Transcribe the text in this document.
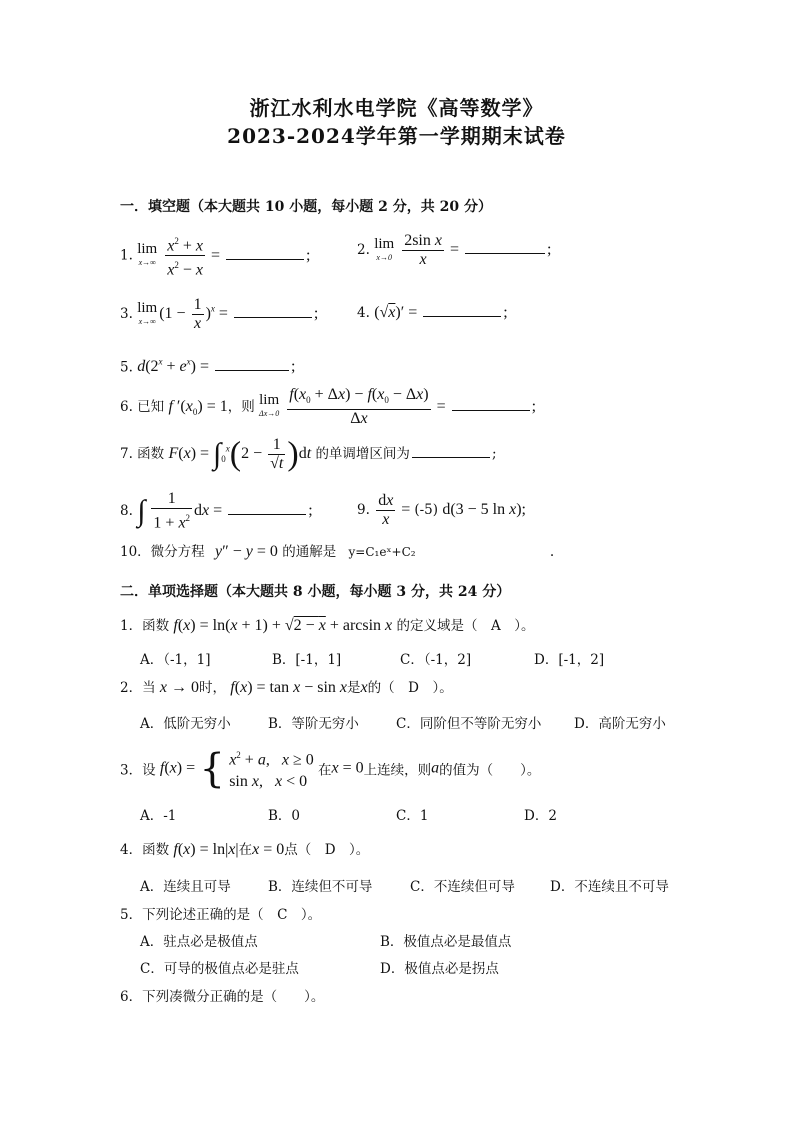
浙江水利水电学院《高等数学》
2023-2024学年第一学期期末试卷
一．填空题（本大题共 10 小题，每小题 2 分，共 20 分）
1. lim
x→∞
$\frac{x^2 + x}{x^2 - x}$ =	;	2. lim
x→0
$\frac{\text{2sin x}}{x}$ =	;
3. lim
x→∞ $(1 - \frac{1}{x} )^x$ =	;	4. (√x)′ =	;
5. $d(2^x + e^x)$ =	;
6. 已知 f $'(x_0) = 1$，则 lim
Δx→0
$\frac{f(x_0 + \Delta x) - f(x_0 - \Delta x)}{\Delta x}$ =	;
7. 函数 $F(x) = \int_0^x(2 - \frac{1}{√t} )dt$ 的单调增区间为	;
8. ∫ $\frac{1}{1 + x^2}$ dx =	;	9. $\frac{dx}{x} = (-5) d(3 - 5$ ln x);
10．微分方程 y″ − y = 0 的通解是 y=C₁eˣ+C₂	.
二．单项选择题（本大题共 8 小题，每小题 3 分，共 24 分）
1．函数 f(x) = ln(x + 1) + √2 − x + arcsin x 的定义域是（　A　）。
A．（-1，1]	B．[-1，1]	C．（-1，2]	D．[-1，2]
2．当 x → 0时， f(x) = tan x − sin x是x的（　D　）。
A．低阶无穷小	B．等阶无穷小	C．同阶但不等阶无穷小 D．高阶无穷小
3．设 f(x) = { $x^2 + a$,   x ≥ 0
sin x,   x < 0
在x = 0上连续，则a的值为（　　）。
A．-1	B．0	C．1	D．2
4．函数 f(x) = ln|x|在x = 0点（　D　）。
A．连续且可导	B．连续但不可导	C．不连续但可导	D．不连续且不可导
5．下列论述正确的是（　C　）。
A．驻点必是极值点	B．极值点必是最值点
C．可导的极值点必是驻点	D．极值点必是拐点
6．下列凑微分正确的是（　　）。
